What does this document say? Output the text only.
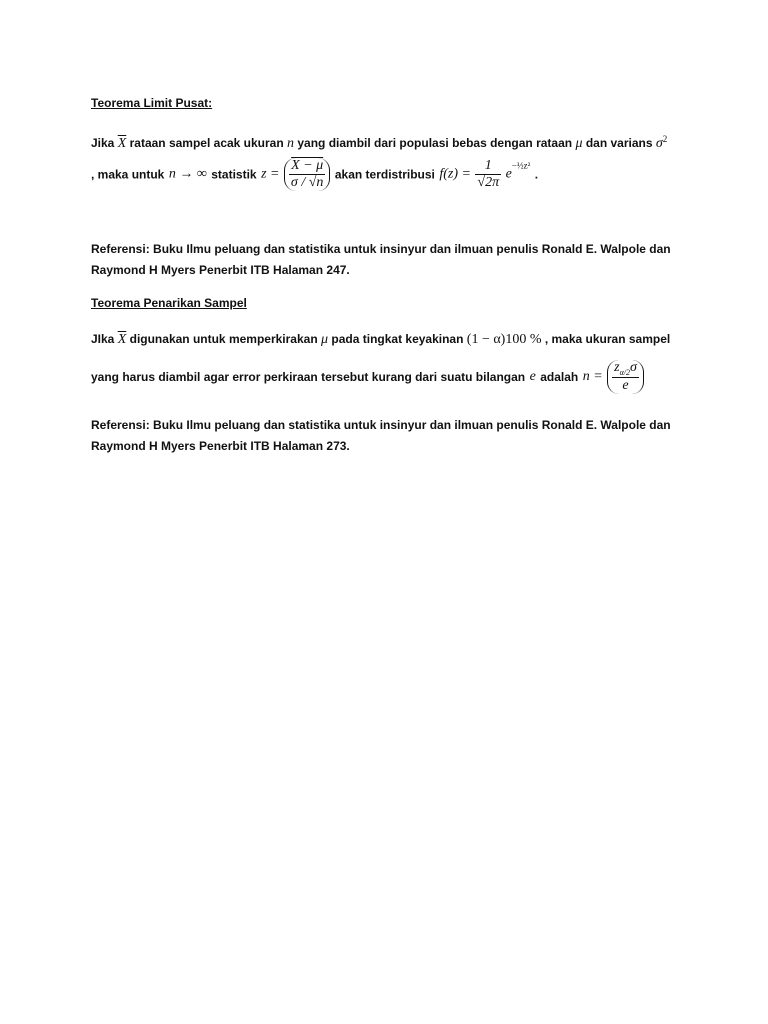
Teorema Limit Pusat:
Jika $\overline{X}$ rataan sampel acak ukuran n yang diambil dari populasi bebas dengan rataan μ dan varians $\sigma^2$
, maka untuk n → ∞ statistik $z = \frac{X - \mu}{\sigma / √n}$ akan terdistribusi $f(z) = \frac{1}{√2\pi} e^{-\frac{1}{2}z^2}$ .
Referensi: Buku Ilmu peluang dan statistika untuk insinyur dan ilmuan penulis Ronald E. Walpole dan
Raymond H Myers Penerbit ITB Halaman 247.
Teorema Penarikan Sampel
JIka $\overline{X}$ digunakan untuk memperkirakan μ pada tingkat keyakinan (1 − α)100 % , maka ukuran sampel
yang harus diambil agar error perkiraan tersebut kurang dari suatu bilangan e adalah $n = \frac{z_{\alpha/2}\sigma}{e}$
Referensi: Buku Ilmu peluang dan statistika untuk insinyur dan ilmuan penulis Ronald E. Walpole dan
Raymond H Myers Penerbit ITB Halaman 273.
